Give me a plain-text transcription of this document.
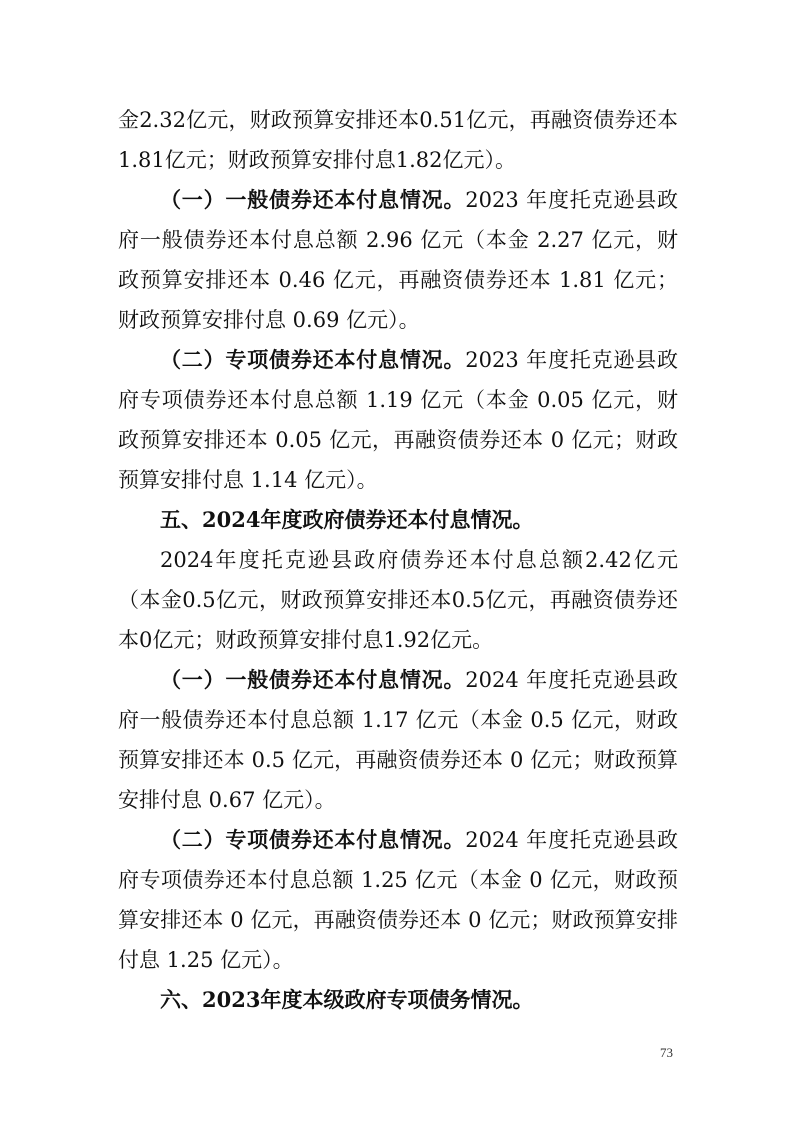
金2.32亿元，财政预算安排还本0.51亿元，再融资债券还本1.81亿元；财政预算安排付息1.82亿元）。

（一）一般债券还本付息情况。2023 年度托克逊县政府一般债券还本付息总额 2.96 亿元（本金 2.27 亿元，财政预算安排还本 0.46 亿元，再融资债券还本 1.81 亿元；财政预算安排付息 0.69 亿元）。

（二）专项债券还本付息情况。2023 年度托克逊县政府专项债券还本付息总额 1.19 亿元（本金 0.05 亿元，财政预算安排还本 0.05 亿元，再融资债券还本 0 亿元；财政预算安排付息 1.14 亿元）。

五、2024年度政府债券还本付息情况。

2024年度托克逊县政府债券还本付息总额2.42亿元（本金0.5亿元，财政预算安排还本0.5亿元，再融资债券还本0亿元；财政预算安排付息1.92亿元。

（一）一般债券还本付息情况。2024 年度托克逊县政府一般债券还本付息总额 1.17 亿元（本金 0.5 亿元，财政预算安排还本 0.5 亿元，再融资债券还本 0 亿元；财政预算安排付息 0.67 亿元）。

（二）专项债券还本付息情况。2024 年度托克逊县政府专项债券还本付息总额 1.25 亿元（本金 0 亿元，财政预算安排还本 0 亿元，再融资债券还本 0 亿元；财政预算安排付息 1.25 亿元）。

六、2023年度本级政府专项债务情况。

73
